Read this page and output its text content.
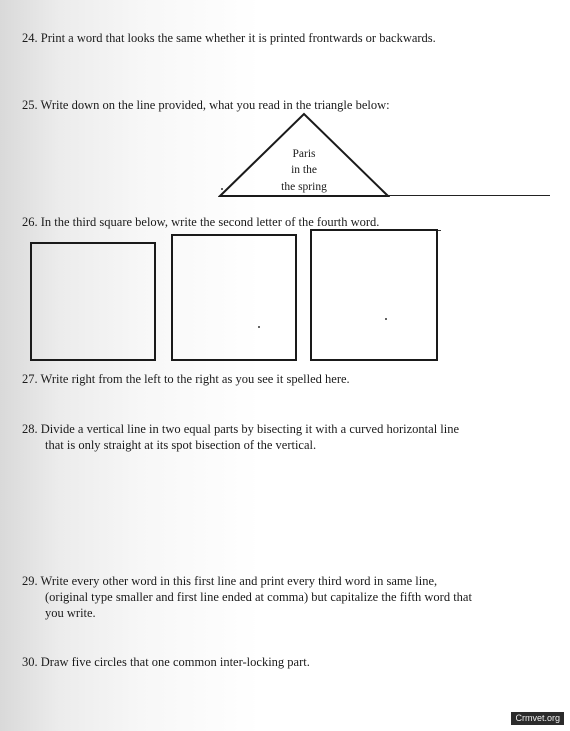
24. Print a word that looks the same whether it is printed frontwards or backwards.

25. Write down on the line provided, what you read in the triangle below:

Paris
in the
the spring

26. In the third square below, write the second letter of the fourth word.

27. Write right from the left to the right as you see it spelled here.

28. Divide a vertical line in two equal parts by bisecting it with a curved horizontal line
that is only straight at its spot bisection of the vertical.

29. Write every other word in this first line and print every third word in same line,
(original type smaller and first line ended at comma) but capitalize the fifth word that
you write.

30. Draw five circles that one common inter-locking part.

Crmvet.org
